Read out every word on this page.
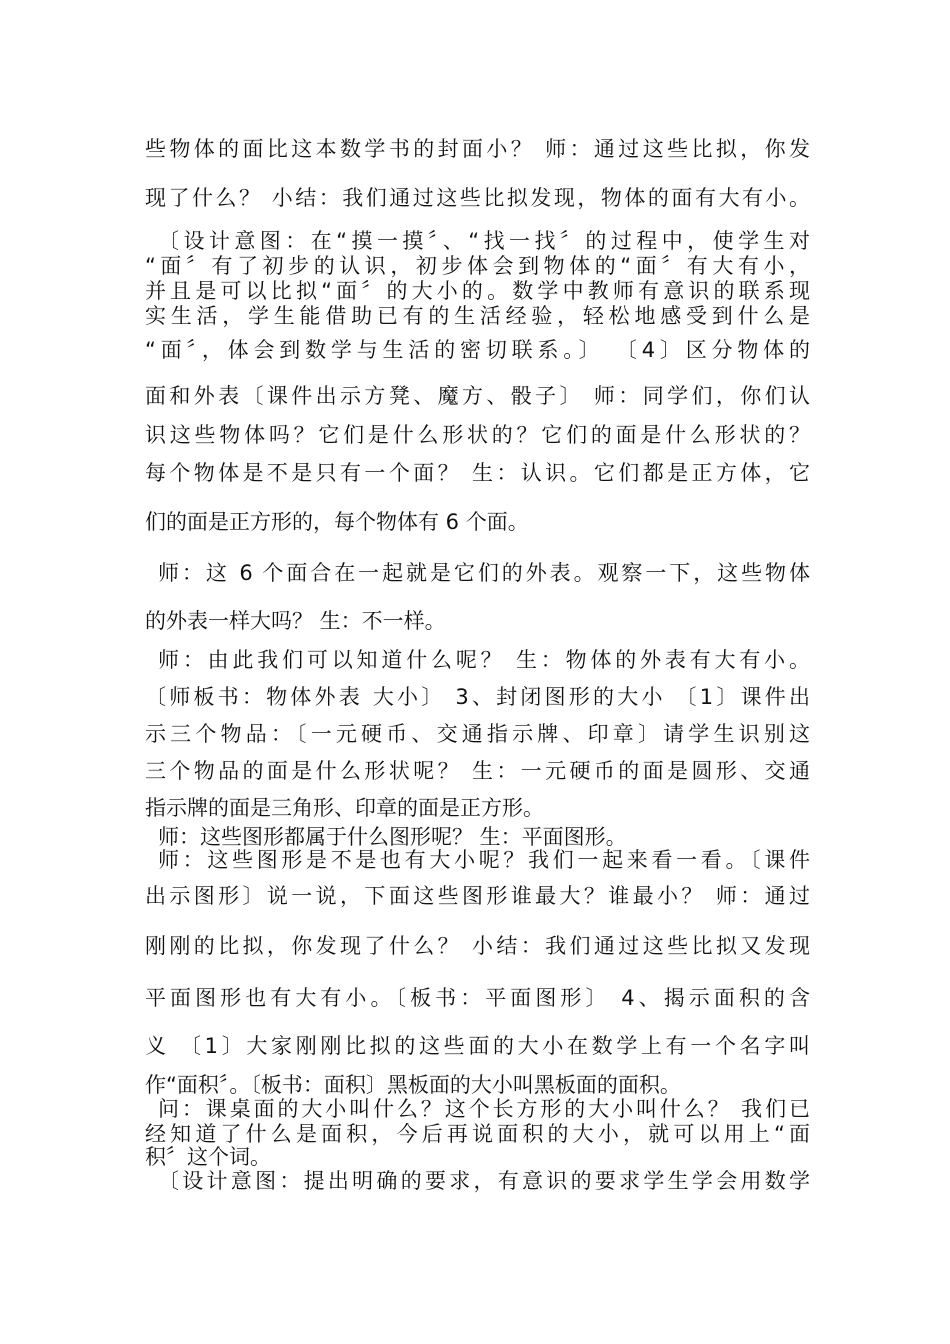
些物体的面比这本数学书的封面小？ 师：通过这些比拟，你发

现了什么？ 小结：我们通过这些比拟发现，物体的面有大有小。

〔设计意图：在“摸一摸〞、“找一找〞的过程中，使学生对

“面〞有了初步的认识，初步体会到物体的“面〞有大有小，

并且是可以比拟“面〞的大小的。数学中教师有意识的联系现

实生活，学生能借助已有的生活经验，轻松地感受到什么是

“面〞，体会到数学与生活的密切联系。〕 〔4〕区分物体的

面和外表〔课件出示方凳、魔方、骰子〕 师：同学们，你们认

识这些物体吗？它们是什么形状的？它们的面是什么形状的？

每个物体是不是只有一个面？ 生：认识。它们都是正方体，它

们的面是正方形的，每个物体有 6 个面。

师：这 6 个面合在一起就是它们的外表。观察一下，这些物体

的外表一样大吗？ 生：不一样。

师：由此我们可以知道什么呢？ 生：物体的外表有大有小。

〔师板书：物体外表 大小〕 3、封闭图形的大小 〔1〕课件出

示三个物品：〔一元硬币、交通指示牌、印章〕请学生识别这

三个物品的面是什么形状呢？ 生：一元硬币的面是圆形、交通

指示牌的面是三角形、印章的面是正方形。

师：这些图形都属于什么图形呢？ 生：平面图形。

师：这些图形是不是也有大小呢？我们一起来看一看。〔课件

出示图形〕说一说，下面这些图形谁最大？谁最小？ 师：通过

刚刚的比拟，你发现了什么？ 小结：我们通过这些比拟又发现

平面图形也有大有小。〔板书：平面图形〕 4、揭示面积的含

义 〔1〕大家刚刚比拟的这些面的大小在数学上有一个名字叫

作“面积〞。〔板书：面积〕黑板面的大小叫黑板面的面积。

问：课桌面的大小叫什么？这个长方形的大小叫什么？ 我们已

经知道了什么是面积，今后再说面积的大小，就可以用上“面

积〞这个词。

〔设计意图：提出明确的要求，有意识的要求学生学会用数学
